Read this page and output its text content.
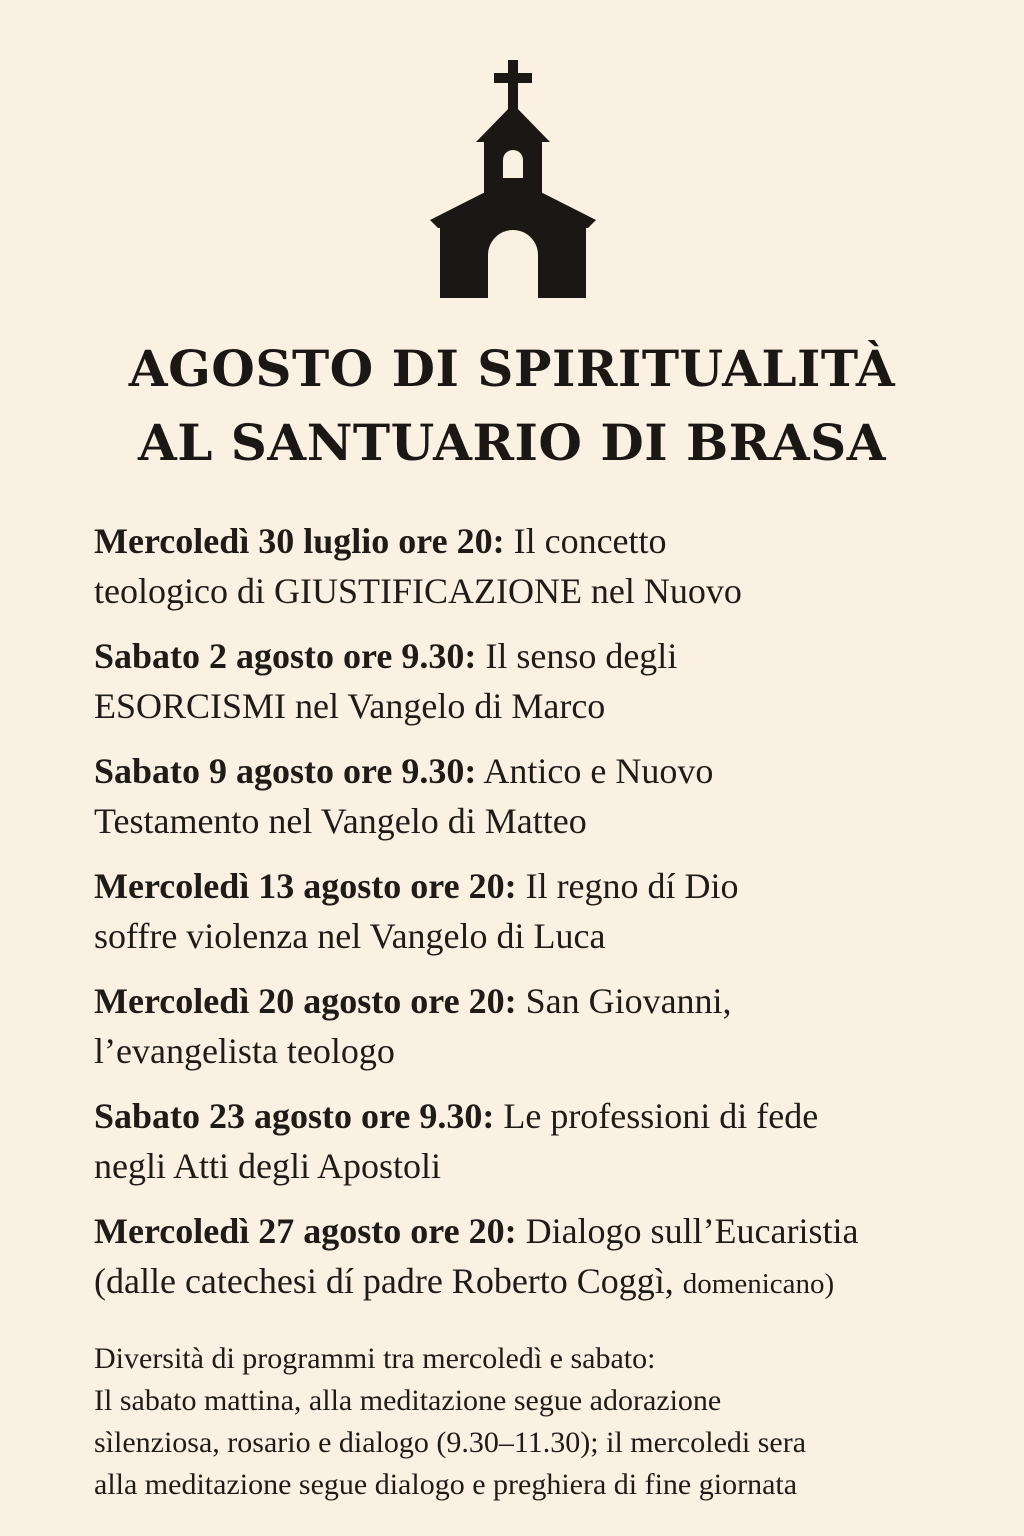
AGOSTO DI SPIRITUALITÀ
AL SANTUARIO DI BRASA
Mercoledì 30 luglio ore 20: Il concetto
teologico di GIUSTIFICAZIONE nel Nuovo
Sabato 2 agosto ore 9.30: Il senso degli
ESORCISMI nel Vangelo di Marco
Sabato 9 agosto ore 9.30: Antico e Nuovo
Testamento nel Vangelo di Matteo
Mercoledì 13 agosto ore 20: Il regno dí Dio
soffre violenza nel Vangelo di Luca
Mercoledì 20 agosto ore 20: San Giovanni,
l’evangelista teologo
Sabato 23 agosto ore 9.30: Le professioni di fede
negli Atti degli Apostoli
Mercoledì 27 agosto ore 20: Dialogo sull’Eucaristia
(dalle catechesi dí padre Roberto Coggì, domenicano)
Diversità di programmi tra mercoledì e sabato:
Il sabato mattina, alla meditazione segue adorazione
sìlenziosa, rosario e dialogo (9.30–11.30); il mercoledi sera
alla meditazione segue dialogo e preghiera di fine giornata
